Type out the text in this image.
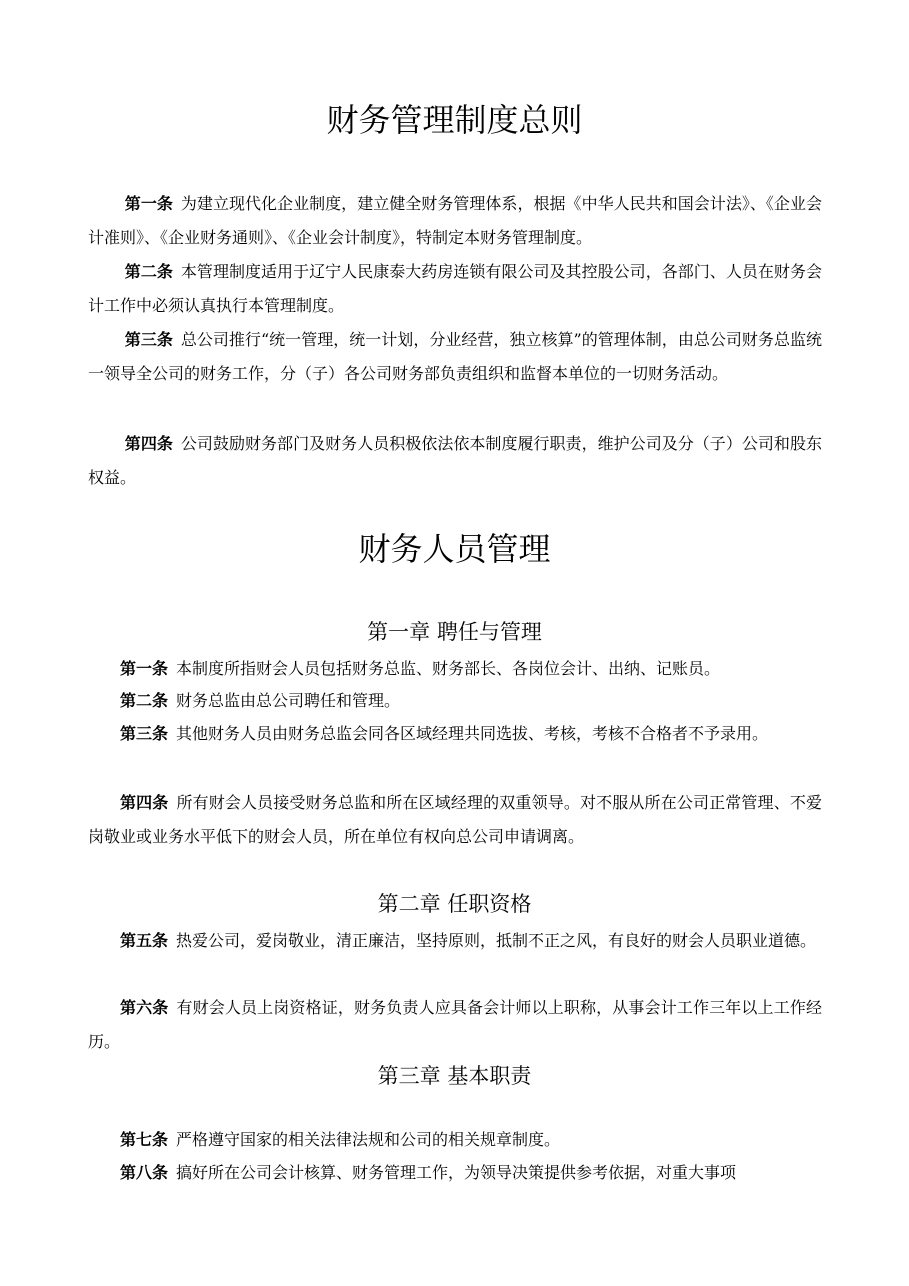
财务管理制度总则

第一条 为建立现代化企业制度，建立健全财务管理体系，根据《中华人民共和国会计法》、《企业会计准则》、《企业财务通则》、《企业会计制度》，特制定本财务管理制度。

第二条 本管理制度适用于辽宁人民康泰大药房连锁有限公司及其控股公司，各部门、人员在财务会计工作中必须认真执行本管理制度。

第三条 总公司推行“统一管理，统一计划，分业经营，独立核算”的管理体制，由总公司财务总监统一领导全公司的财务工作，分（子）各公司财务部负责组织和监督本单位的一切财务活动。

第四条 公司鼓励财务部门及财务人员积极依法依本制度履行职责，维护公司及分（子）公司和股东权益。

财务人员管理
第一章 聘任与管理

第一条 本制度所指财会人员包括财务总监、财务部长、各岗位会计、出纳、记账员。

第二条 财务总监由总公司聘任和管理。

第三条 其他财务人员由财务总监会同各区域经理共同选拔、考核，考核不合格者不予录用。

第四条 所有财会人员接受财务总监和所在区域经理的双重领导。对不服从所在公司正常管理、不爱岗敬业或业务水平低下的财会人员，所在单位有权向总公司申请调离。

第二章 任职资格

第五条 热爱公司，爱岗敬业，清正廉洁，坚持原则，抵制不正之风，有良好的财会人员职业道德。

第六条 有财会人员上岗资格证，财务负责人应具备会计师以上职称，从事会计工作三年以上工作经历。

第三章 基本职责

第七条 严格遵守国家的相关法律法规和公司的相关规章制度。

第八条 搞好所在公司会计核算、财务管理工作，为领导决策提供参考依据，对重大事项
